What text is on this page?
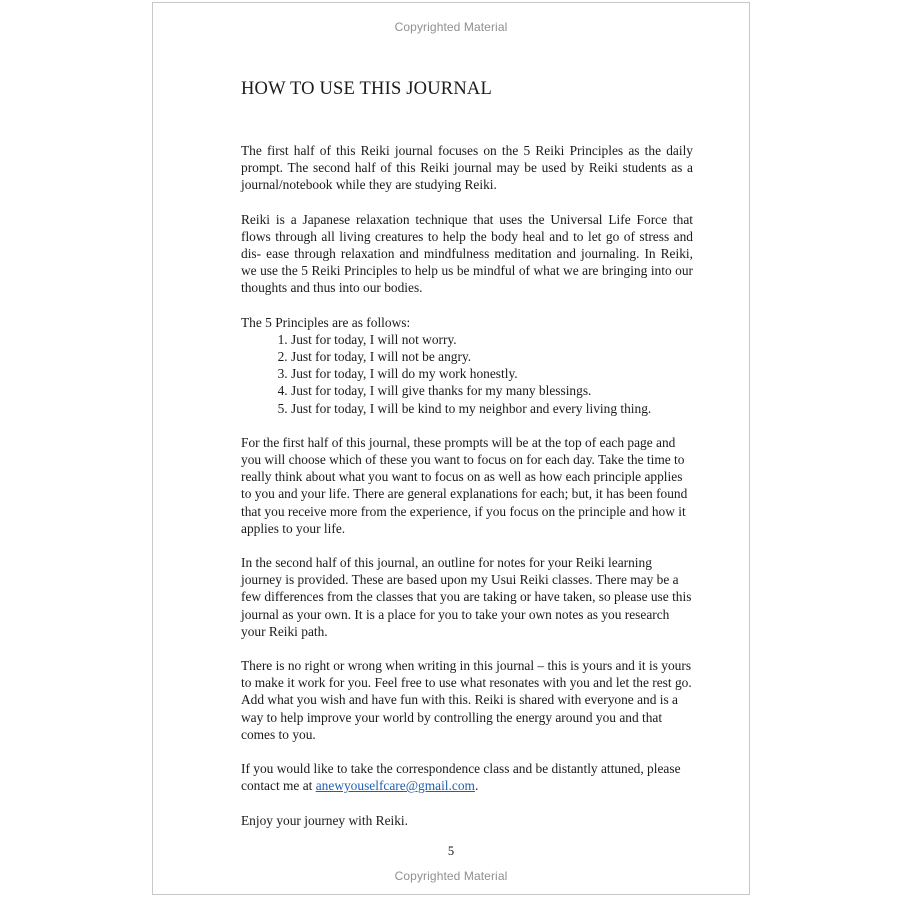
Copyrighted Material
HOW TO USE THIS JOURNAL

The first half of this Reiki journal focuses on the 5 Reiki Principles as the daily prompt. The second half of this Reiki journal may be used by Reiki students as a journal/notebook while they are studying Reiki.

Reiki is a Japanese relaxation technique that uses the Universal Life Force that flows through all living creatures to help the body heal and to let go of stress and dis- ease through relaxation and mindfulness meditation and journaling. In Reiki, we use the 5 Reiki Principles to help us be mindful of what we are bringing into our thoughts and thus into our bodies.

The 5 Principles are as follows:

1. Just for today, I will not worry.
2. Just for today, I will not be angry.
3. Just for today, I will do my work honestly.
4. Just for today, I will give thanks for my many blessings.
5. Just for today, I will be kind to my neighbor and every living thing.

For the first half of this journal, these prompts will be at the top of each page and you will choose which of these you want to focus on for each day. Take the time to really think about what you want to focus on as well as how each principle applies to you and your life. There are general explanations for each; but, it has been found that you receive more from the experience, if you focus on the principle and how it applies to your life.

In the second half of this journal, an outline for notes for your Reiki learning journey is provided. These are based upon my Usui Reiki classes. There may be a few differences from the classes that you are taking or have taken, so please use this journal as your own. It is a place for you to take your own notes as you research your Reiki path.

There is no right or wrong when writing in this journal – this is yours and it is yours to make it work for you. Feel free to use what resonates with you and let the rest go. Add what you wish and have fun with this. Reiki is shared with everyone and is a way to help improve your world by controlling the energy around you and that comes to you.

If you would like to take the correspondence class and be distantly attuned, please contact me at anewyouselfcare@gmail.com.

Enjoy your journey with Reiki.

5
Copyrighted Material
